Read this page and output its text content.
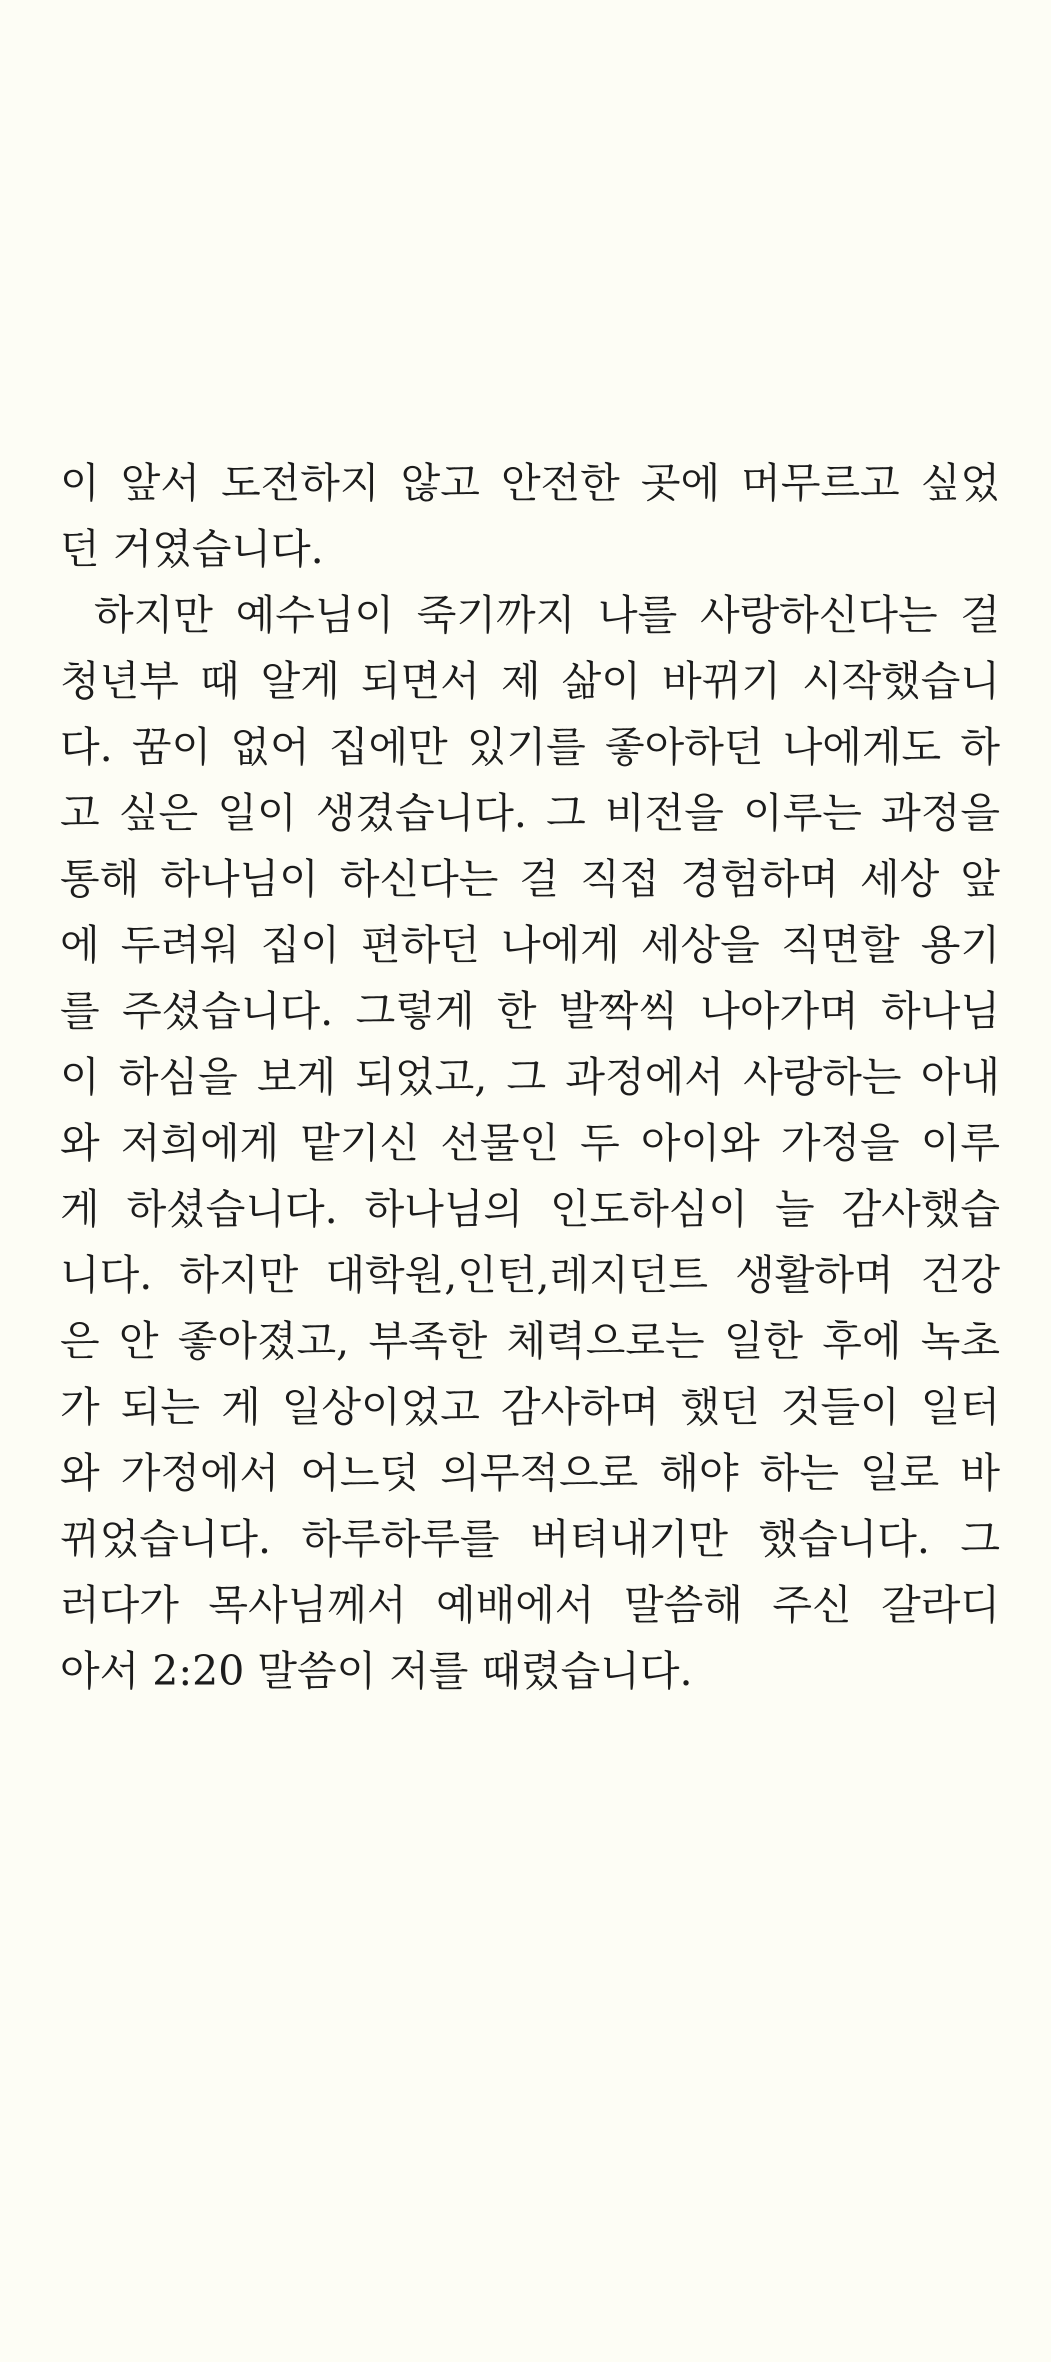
이 앞서 도전하지 않고 안전한 곳에 머무르고 싶었
던 거였습니다.
하지만 예수님이 죽기까지 나를 사랑하신다는 걸
청년부 때 알게 되면서 제 삶이 바뀌기 시작했습니
다. 꿈이 없어 집에만 있기를 좋아하던 나에게도 하
고 싶은 일이 생겼습니다. 그 비전을 이루는 과정을
통해 하나님이 하신다는 걸 직접 경험하며 세상 앞
에 두려워 집이 편하던 나에게 세상을 직면할 용기
를 주셨습니다. 그렇게 한 발짝씩 나아가며 하나님
이 하심을 보게 되었고, 그 과정에서 사랑하는 아내
와 저희에게 맡기신 선물인 두 아이와 가정을 이루
게 하셨습니다. 하나님의 인도하심이 늘 감사했습
니다. 하지만 대학원,인턴,레지던트 생활하며 건강
은 안 좋아졌고, 부족한 체력으로는 일한 후에 녹초
가 되는 게 일상이었고 감사하며 했던 것들이 일터
와 가정에서 어느덧 의무적으로 해야 하는 일로 바
뀌었습니다. 하루하루를 버텨내기만 했습니다. 그
러다가 목사님께서 예배에서 말씀해 주신 갈라디
아서 2:20 말씀이 저를 때렸습니다.
